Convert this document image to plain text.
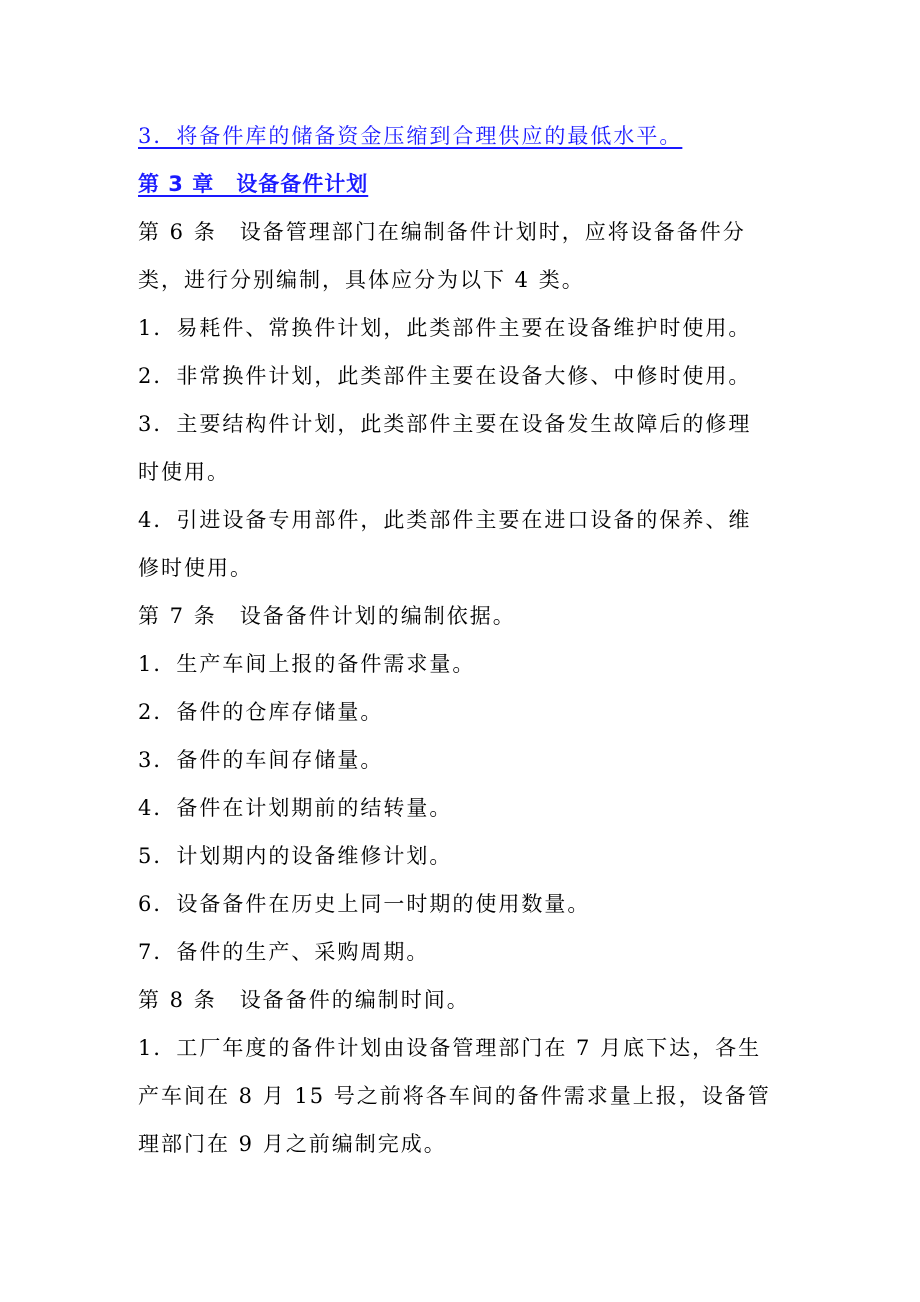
3．将备件库的储备资金压缩到合理供应的最低水平。

第 3 章　设备备件计划

第 6 条　设备管理部门在编制备件计划时，应将设备备件分

类，进行分别编制，具体应分为以下 4 类。

1．易耗件、常换件计划，此类部件主要在设备维护时使用。

2．非常换件计划，此类部件主要在设备大修、中修时使用。

3．主要结构件计划，此类部件主要在设备发生故障后的修理

时使用。

4．引进设备专用部件，此类部件主要在进口设备的保养、维

修时使用。

第 7 条　设备备件计划的编制依据。

1．生产车间上报的备件需求量。

2．备件的仓库存储量。

3．备件的车间存储量。

4．备件在计划期前的结转量。

5．计划期内的设备维修计划。

6．设备备件在历史上同一时期的使用数量。

7．备件的生产、采购周期。

第 8 条　设备备件的编制时间。

1．工厂年度的备件计划由设备管理部门在 7 月底下达，各生

产车间在 8 月 15 号之前将各车间的备件需求量上报，设备管

理部门在 9 月之前编制完成。
